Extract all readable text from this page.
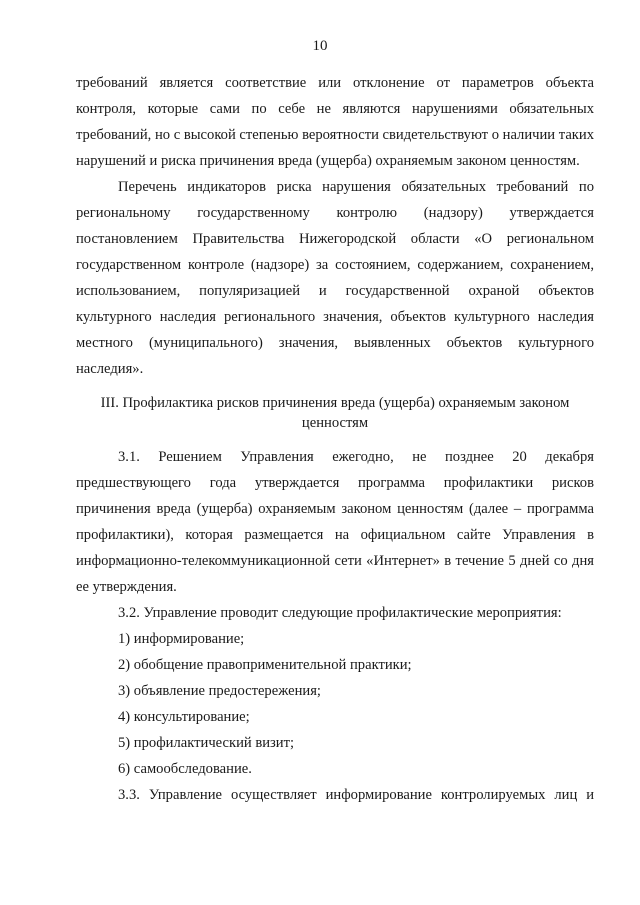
10

требований является соответствие или отклонение от параметров объекта контроля, которые сами по себе не являются нарушениями обязательных требований, но с высокой степенью вероятности свидетельствуют о наличии таких нарушений и риска причинения вреда (ущерба) охраняемым законом ценностям.

Перечень индикаторов риска нарушения обязательных требований по региональному государственному контролю (надзору) утверждается постановлением Правительства Нижегородской области «О региональном государственном контроле (надзоре) за состоянием, содержанием, сохранением, использованием, популяризацией и государственной охраной объектов культурного наследия регионального значения, объектов культурного наследия местного (муниципального) значения, выявленных объектов культурного наследия».

III. Профилактика рисков причинения вреда (ущерба) охраняемым законом
ценностям

3.1. Решением Управления ежегодно, не позднее 20 декабря предшествующего года утверждается программа профилактики рисков причинения вреда (ущерба) охраняемым законом ценностям (далее – программа профилактики), которая размещается на официальном сайте Управления в информационно-телекоммуникационной сети «Интернет» в течение 5 дней со дня ее утверждения.

3.2. Управление проводит следующие профилактические мероприятия:

1) информирование;

2) обобщение правоприменительной практики;

3) объявление предостережения;

4) консультирование;

5) профилактический визит;

6) самообследование.

3.3. Управление осуществляет информирование контролируемых лиц и
